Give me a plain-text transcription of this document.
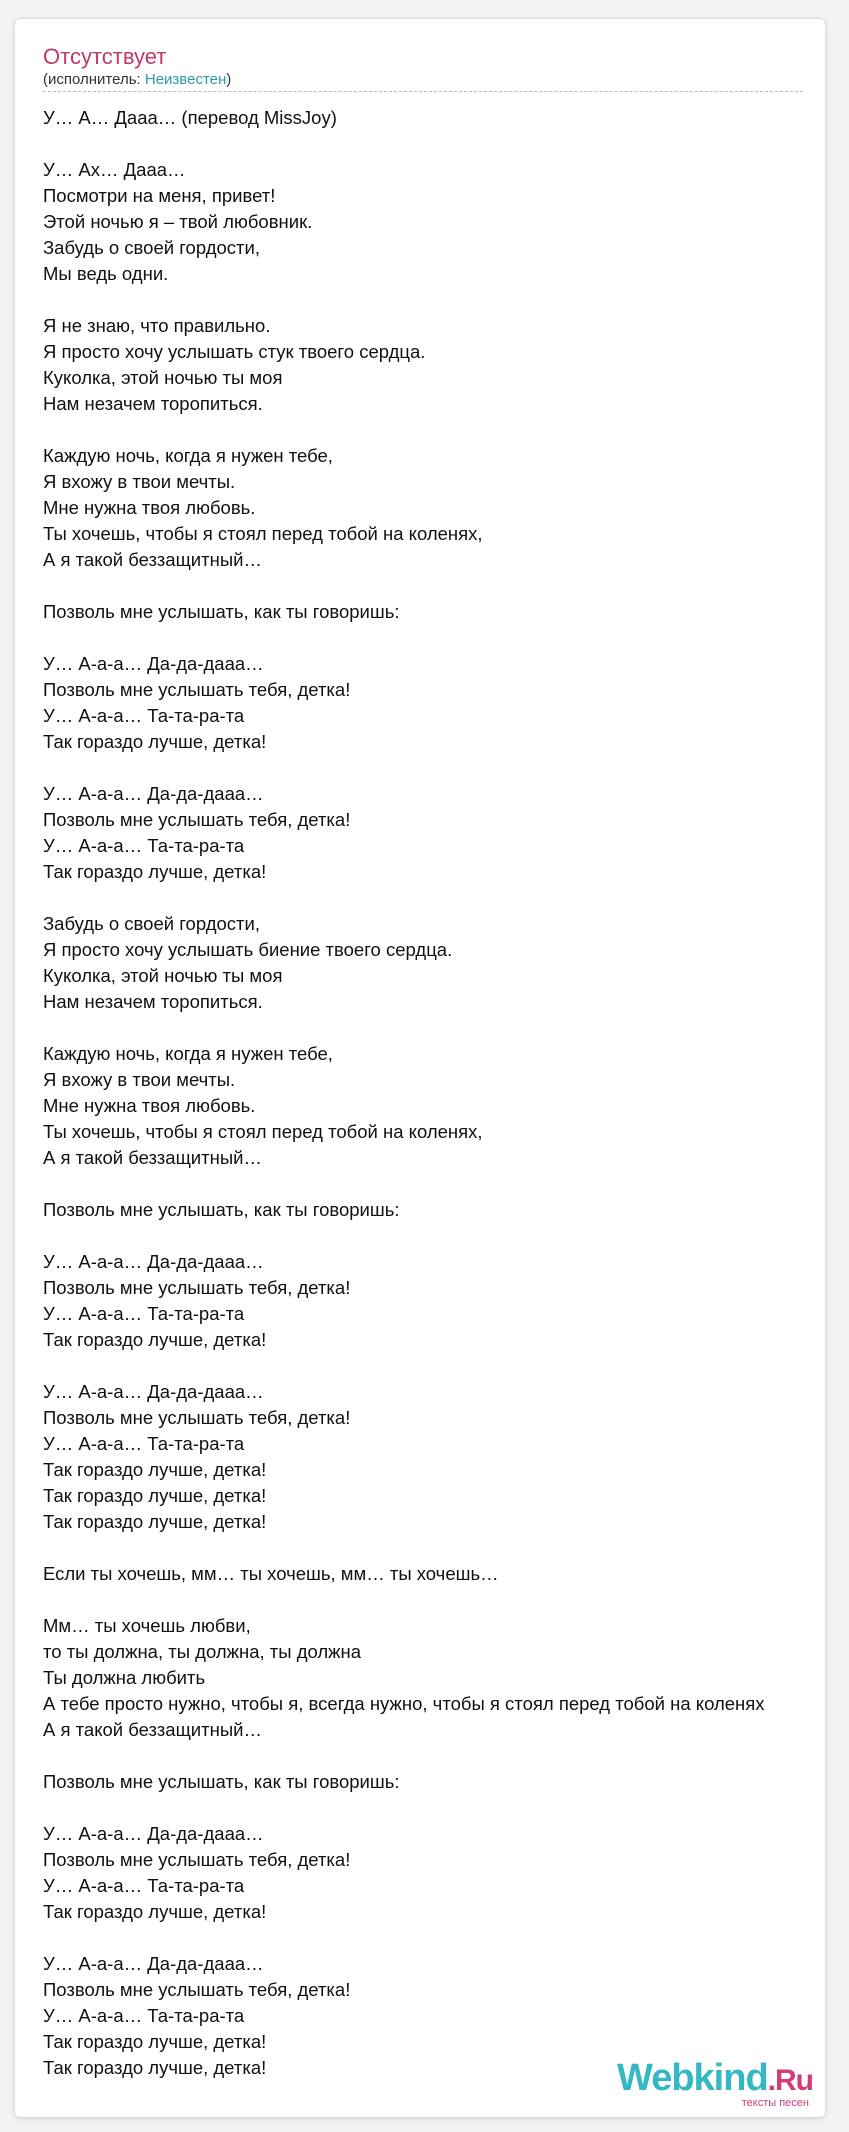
Отсутствует
(исполнитель: Неизвестен)
У… А… Дааа… (перевод MissJoy)
У… Ах… Дааа…
Посмотри на меня, привет!
Этой ночью я – твой любовник.
Забудь о своей гордости,
Мы ведь одни.
Я не знаю, что правильно.
Я просто хочу услышать стук твоего сердца.
Куколка, этой ночью ты моя
Нам незачем торопиться.
Каждую ночь, когда я нужен тебе,
Я вхожу в твои мечты.
Мне нужна твоя любовь.
Ты хочешь, чтобы я стоял перед тобой на коленях,
А я такой беззащитный…
Позволь мне услышать, как ты говоришь:
У… А-а-а… Да-да-дааа…
Позволь мне услышать тебя, детка!
У… А-а-а… Та-та-ра-та
Так гораздо лучше, детка!
У… А-а-а… Да-да-дааа…
Позволь мне услышать тебя, детка!
У… А-а-а… Та-та-ра-та
Так гораздо лучше, детка!
Забудь о своей гордости,
Я просто хочу услышать биение твоего сердца.
Куколка, этой ночью ты моя
Нам незачем торопиться.
Каждую ночь, когда я нужен тебе,
Я вхожу в твои мечты.
Мне нужна твоя любовь.
Ты хочешь, чтобы я стоял перед тобой на коленях,
А я такой беззащитный…
Позволь мне услышать, как ты говоришь:
У… А-а-а… Да-да-дааа…
Позволь мне услышать тебя, детка!
У… А-а-а… Та-та-ра-та
Так гораздо лучше, детка!
У… А-а-а… Да-да-дааа…
Позволь мне услышать тебя, детка!
У… А-а-а… Та-та-ра-та
Так гораздо лучше, детка!
Так гораздо лучше, детка!
Так гораздо лучше, детка!
Если ты хочешь, мм… ты хочешь, мм… ты хочешь…
Мм… ты хочешь любви,
то ты должна, ты должна, ты должна
Ты должна любить
А тебе просто нужно, чтобы я, всегда нужно, чтобы я стоял перед тобой на коленях
А я такой беззащитный…
Позволь мне услышать, как ты говоришь:
У… А-а-а… Да-да-дааа…
Позволь мне услышать тебя, детка!
У… А-а-а… Та-та-ра-та
Так гораздо лучше, детка!
У… А-а-а… Да-да-дааа…
Позволь мне услышать тебя, детка!
У… А-а-а… Та-та-ра-та
Так гораздо лучше, детка!
Так гораздо лучше, детка!	Webkind.Ru
тексты песен
